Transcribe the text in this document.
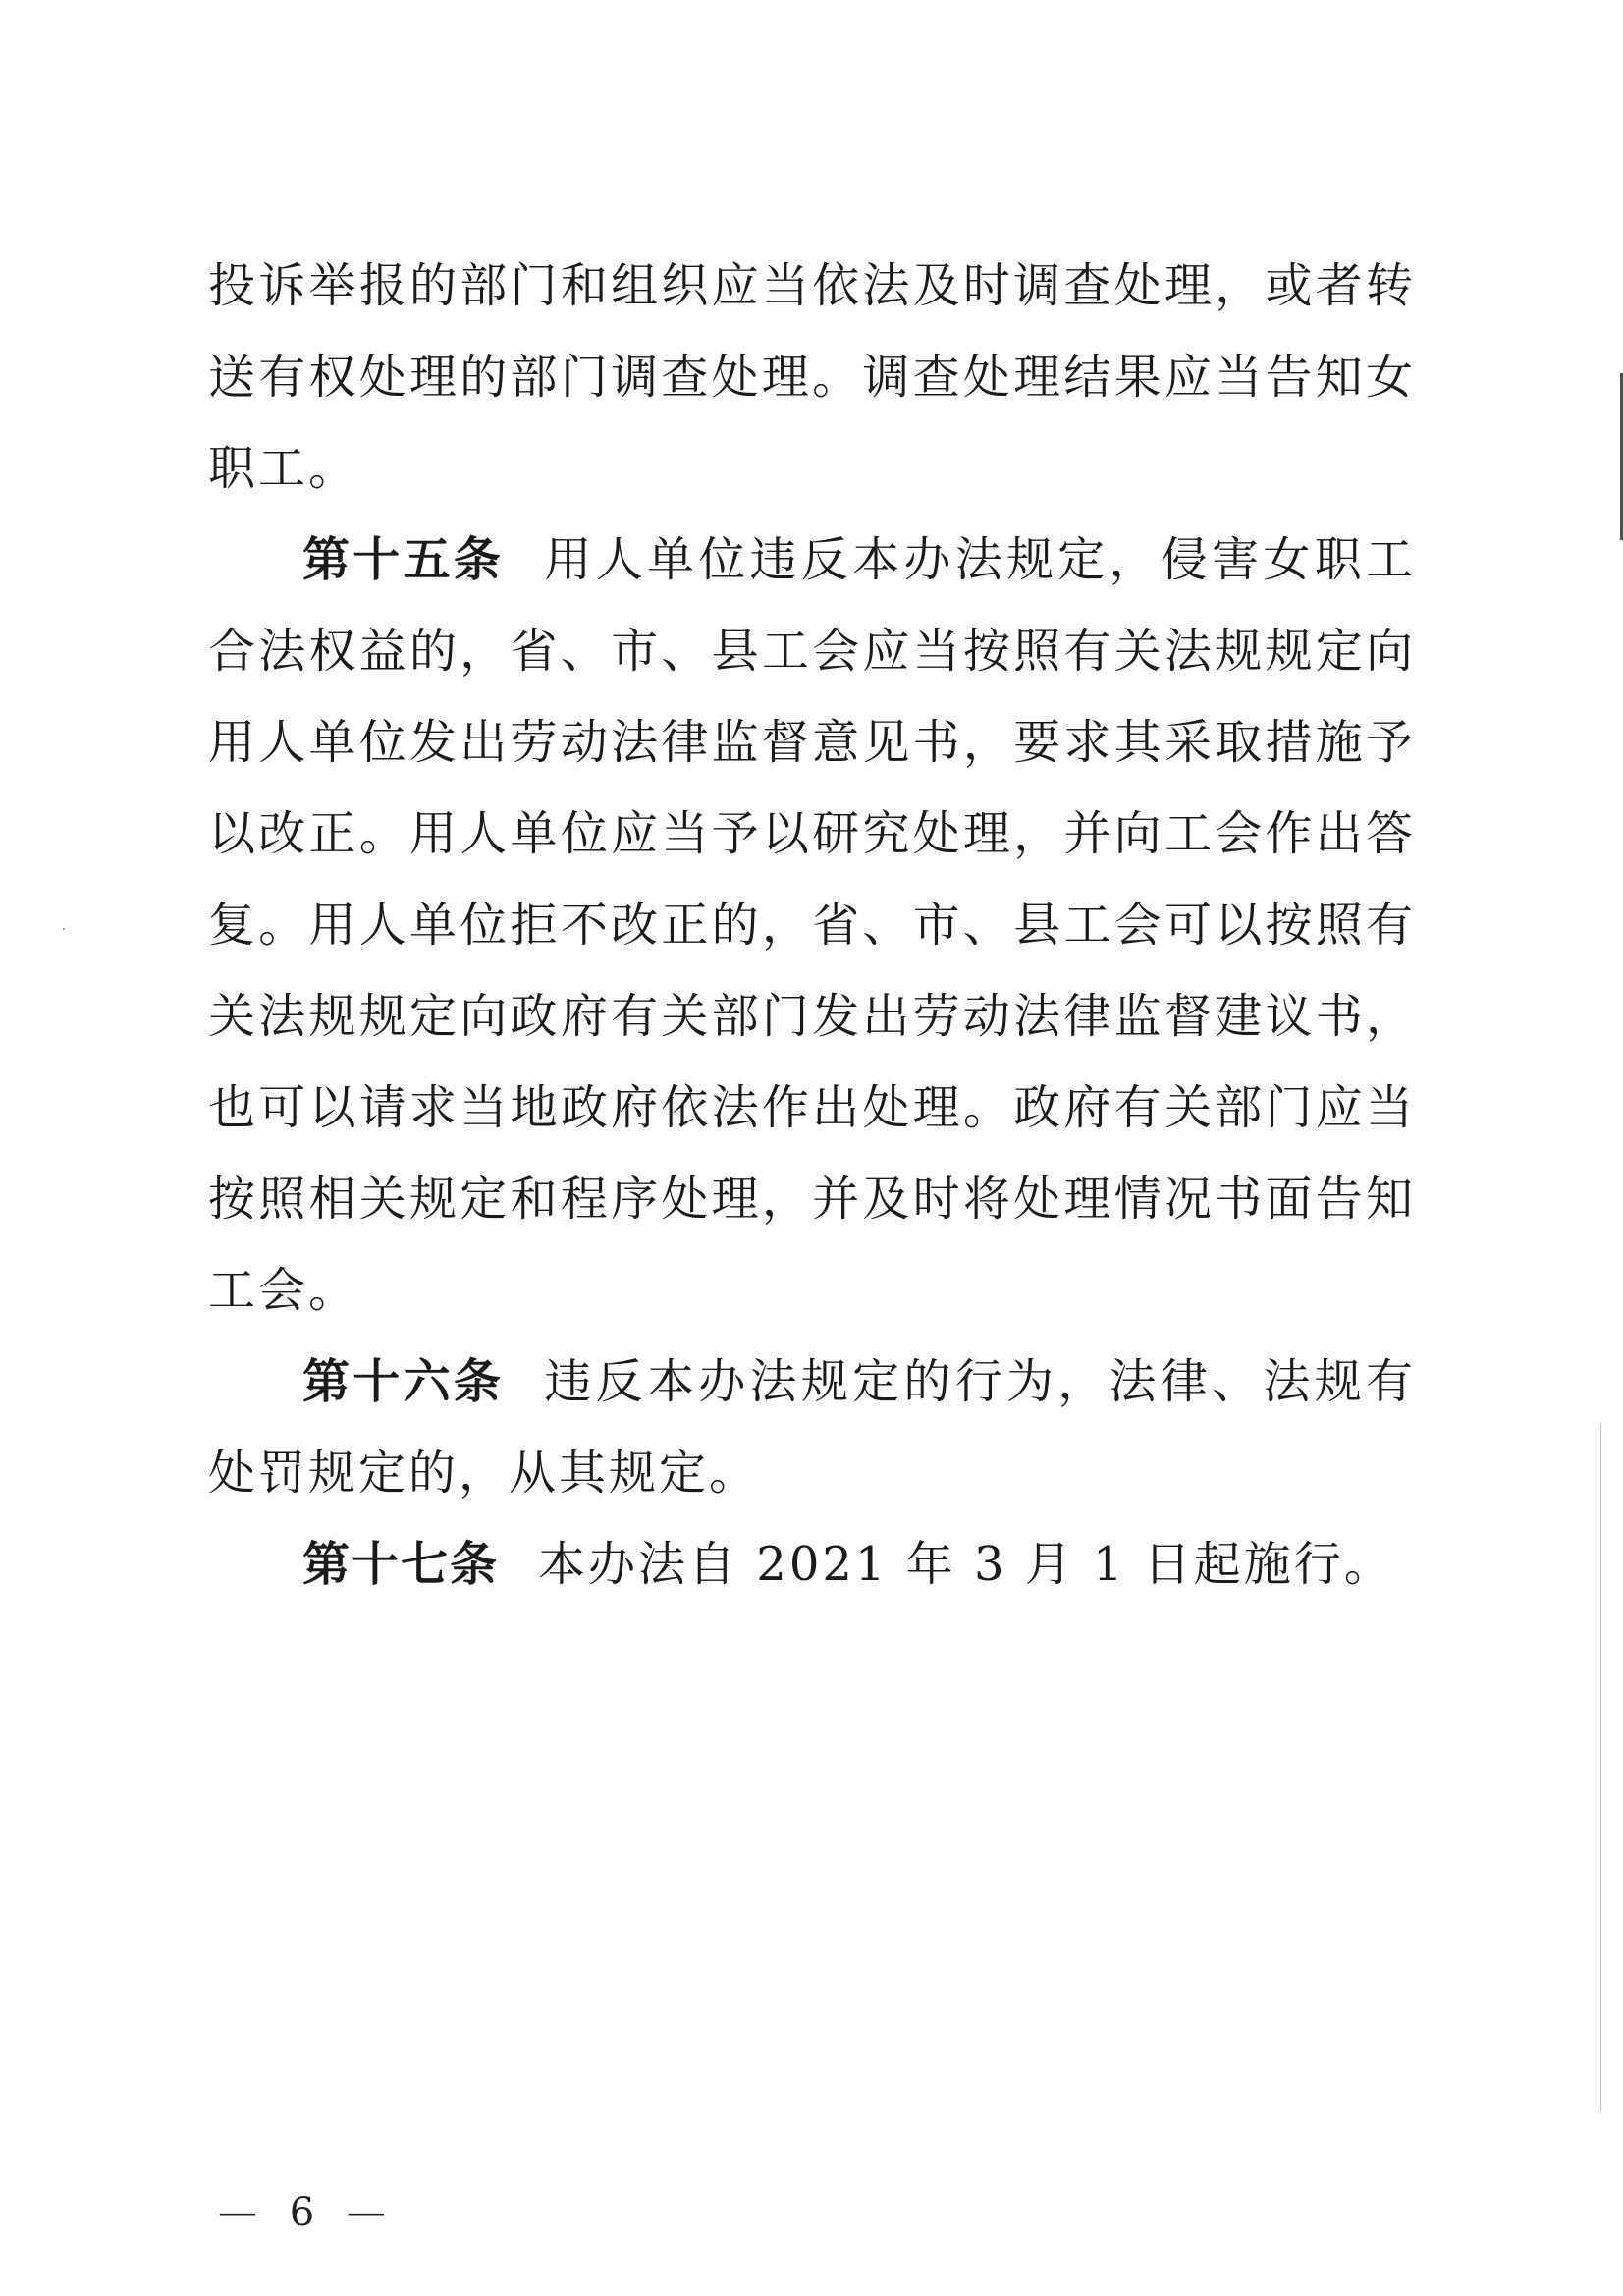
投诉举报的部门和组织应当依法及时调查处理，或者转送有权处理的部门调查处理。调查处理结果应当告知女职工。

第十五条 用人单位违反本办法规定，侵害女职工合法权益的，省、市、县工会应当按照有关法规规定向用人单位发出劳动法律监督意见书，要求其采取措施予以改正。用人单位应当予以研究处理，并向工会作出答复。用人单位拒不改正的，省、市、县工会可以按照有关法规规定向政府有关部门发出劳动法律监督建议书，也可以请求当地政府依法作出处理。政府有关部门应当按照相关规定和程序处理，并及时将处理情况书面告知工会。

第十六条 违反本办法规定的行为，法律、法规有处罚规定的，从其规定。

第十七条 本办法自 2021 年 3 月 1 日起施行。

— 6 —
